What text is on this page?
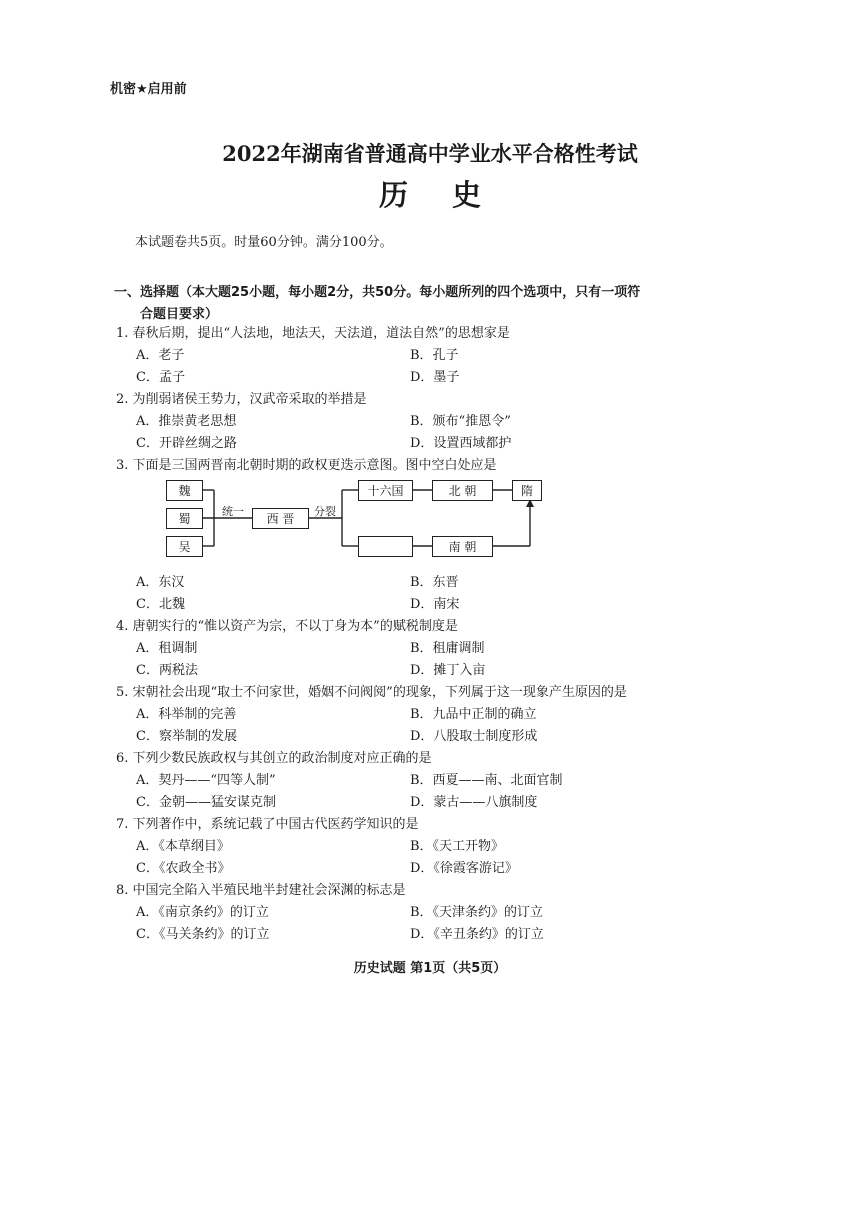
机密★启用前
2022年湖南省普通高中学业水平合格性考试
历史
本试题卷共5页。时量60分钟。满分100分。
一、选择题（本大题25小题，每小题2分，共50分。每小题所列的四个选项中，只有一项符
合题目要求）
1. 春秋后期，提出“人法地，地法天，天法道，道法自然”的思想家是
A．老子	B．孔子
C．孟子	D．墨子
2. 为削弱诸侯王势力，汉武帝采取的举措是
A．推崇黄老思想	B．颁布“推恩令”
C．开辟丝绸之路	D．设置西域都护
3. 下面是三国两晋南北朝时期的政权更迭示意图。图中空白处应是
魏
蜀
吴
统一
西 晋
分裂
十六国	北 朝	隋
南 朝
A．东汉	B．东晋
C．北魏	D．南宋
4. 唐朝实行的“惟以资产为宗，不以丁身为本”的赋税制度是
A．租调制	B．租庸调制
C．两税法	D．摊丁入亩
5. 宋朝社会出现“取士不问家世，婚姻不问阀阅”的现象，下列属于这一现象产生原因的是
A．科举制的完善	B．九品中正制的确立
C．察举制的发展	D．八股取士制度形成
6. 下列少数民族政权与其创立的政治制度对应正确的是
A．契丹——“四等人制”	B．西夏——南、北面官制
C．金朝——猛安谋克制	D．蒙古——八旗制度
7. 下列著作中，系统记载了中国古代医药学知识的是
A．《本草纲目》	B．《天工开物》
C．《农政全书》	D．《徐霞客游记》
8. 中国完全陷入半殖民地半封建社会深渊的标志是
A．《南京条约》的订立	B．《天津条约》的订立
C．《马关条约》的订立	D．《辛丑条约》的订立
历史试题 第1页（共5页）
